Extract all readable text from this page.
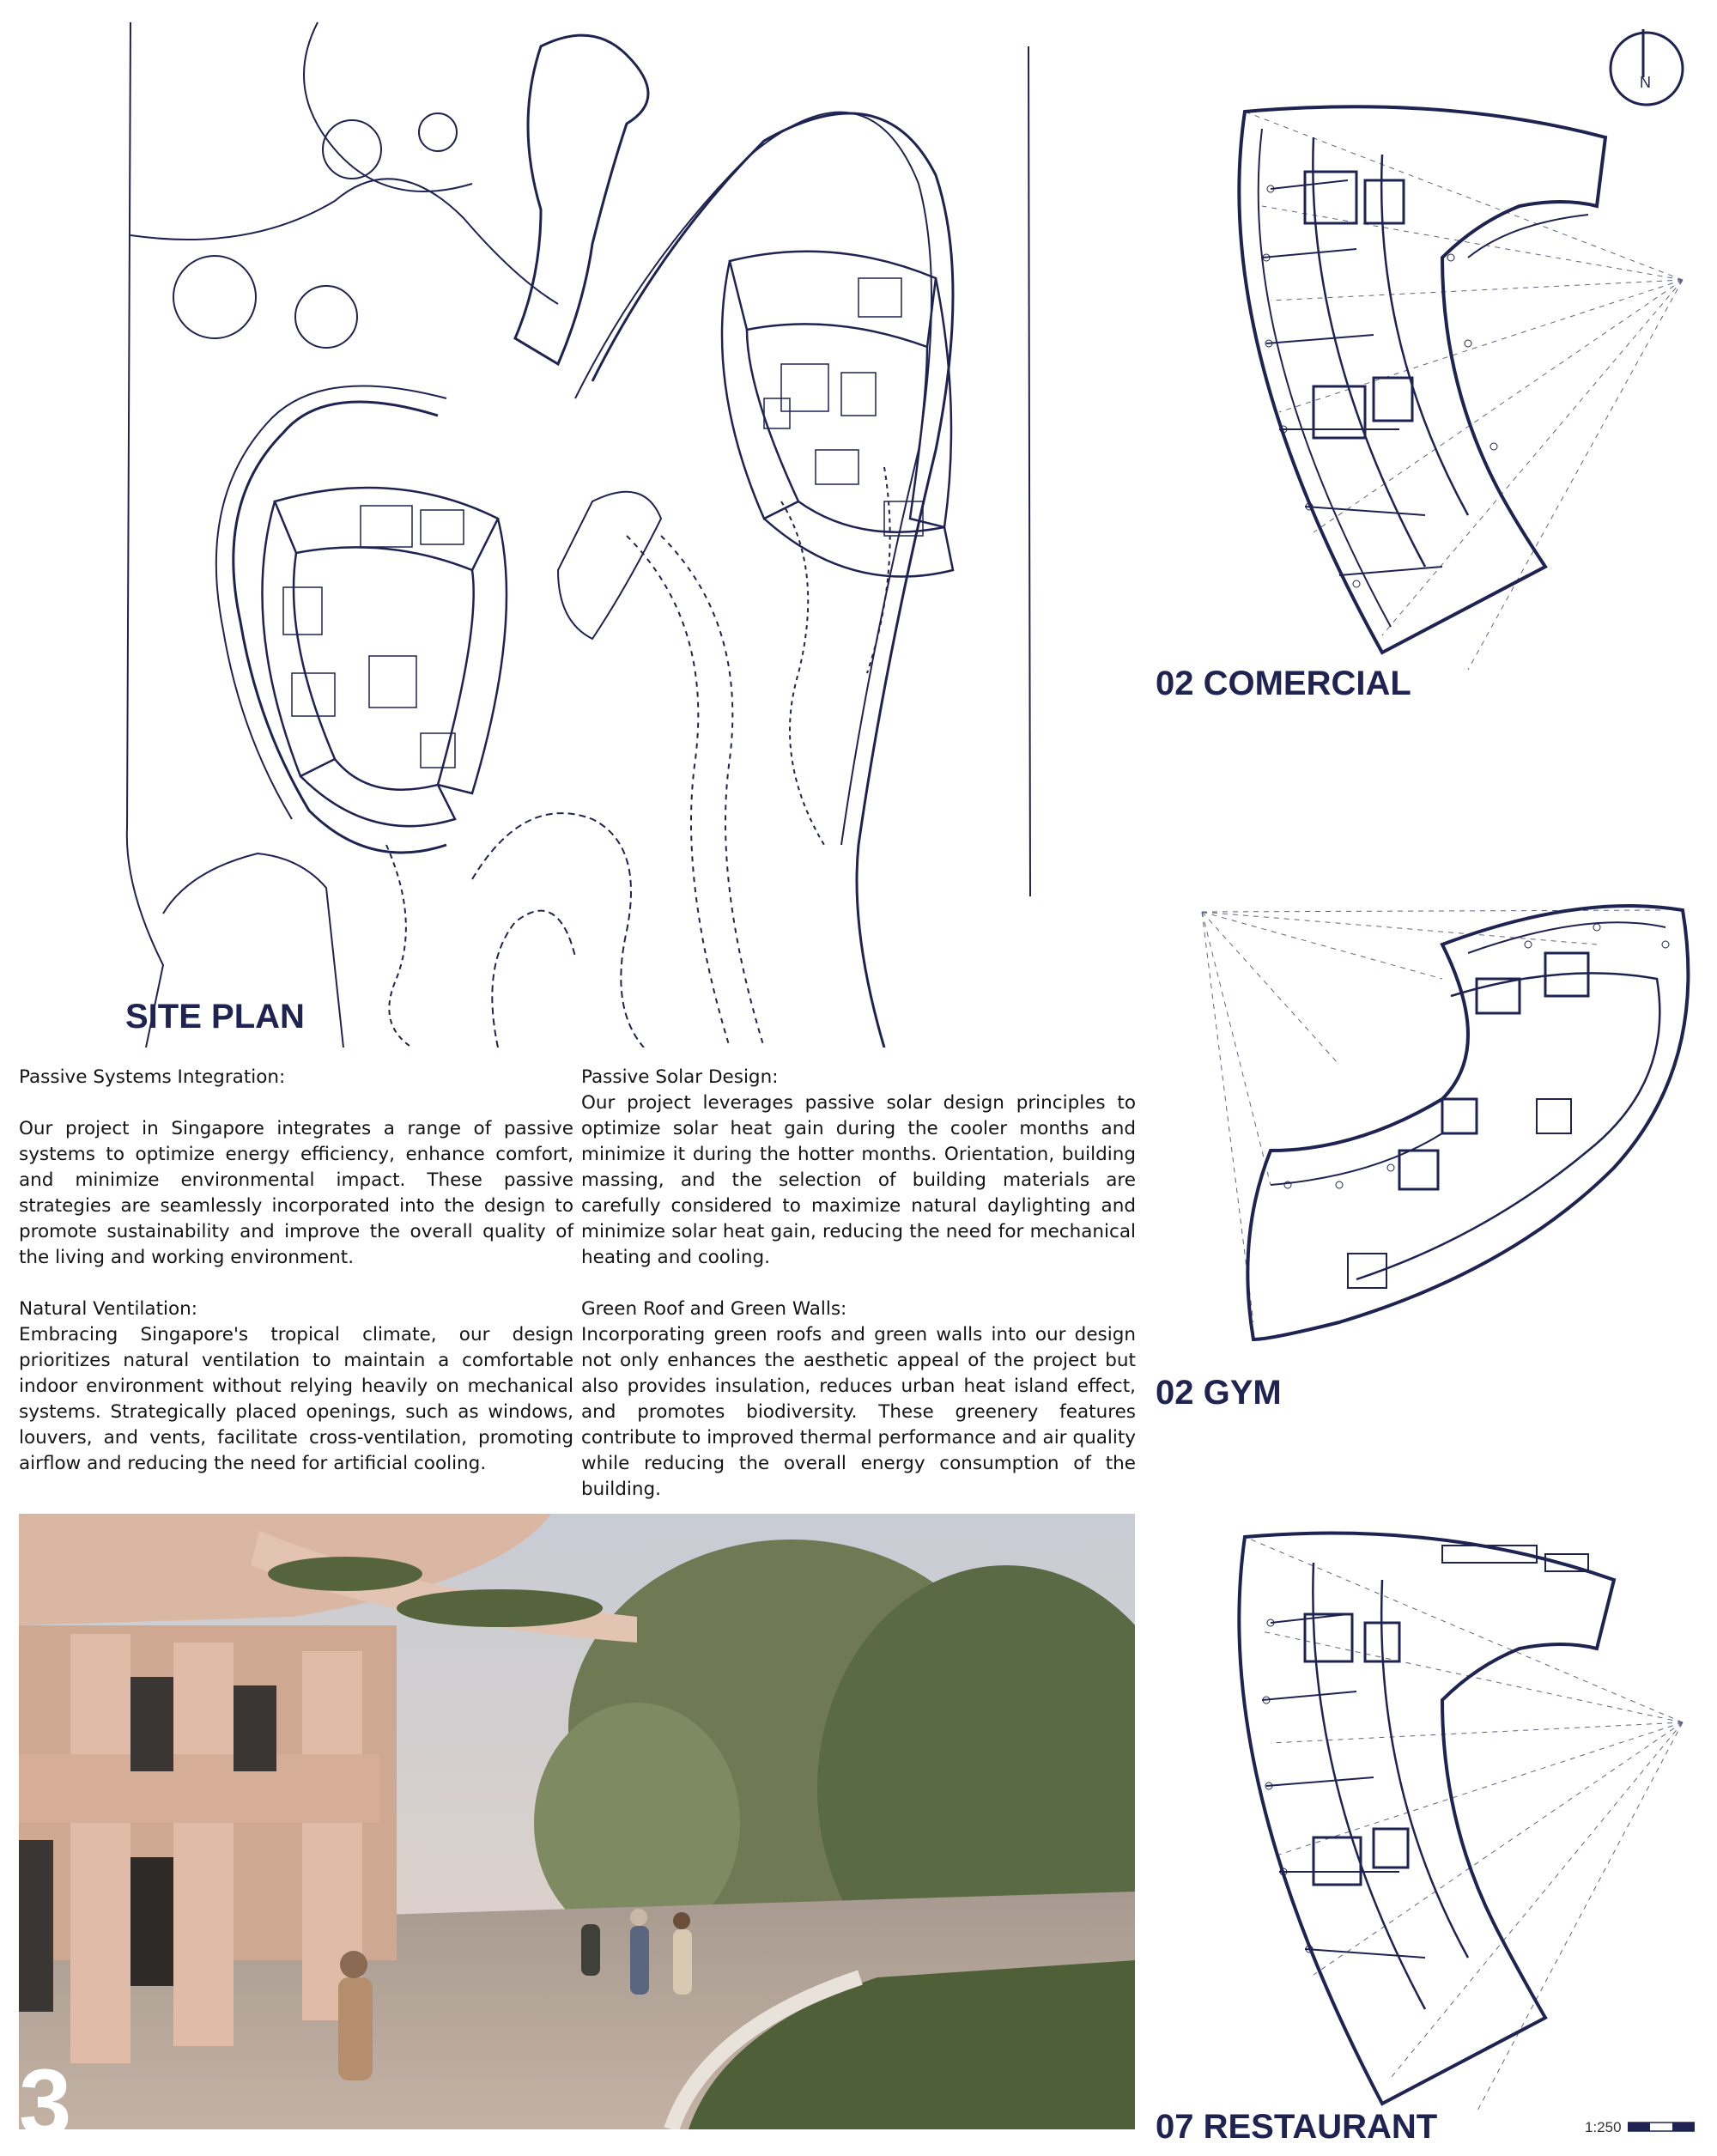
SITE PLAN
N
02 COMERCIAL
02 GYM
07 RESTAURANT	1:250

Passive Systems Integration:

Our project in Singapore integrates a range of passive systems to optimize energy efficiency, enhance comfort, and minimize environmental impact. These passive strategies are seamlessly incorporated into the design to promote sustainability and improve the overall quality of the living and working environment.

Natural Ventilation:
Embracing Singapore's tropical climate, our design prioritizes natural ventilation to maintain a comfortable indoor environment without relying heavily on mechanical systems. Strategically placed openings, such as windows, louvers, and vents, facilitate cross-ventilation, promoting airflow and reducing the need for artificial cooling.

Passive Solar Design:
Our project leverages passive solar design principles to optimize solar heat gain during the cooler months and minimize it during the hotter months. Orientation, building massing, and the selection of building materials are carefully considered to maximize natural daylighting and minimize solar heat gain, reducing the need for mechanical heating and cooling.

Green Roof and Green Walls:
Incorporating green roofs and green walls into our design not only enhances the aesthetic appeal of the project but also provides insulation, reduces urban heat island effect, and promotes biodiversity. These greenery features contribute to improved thermal performance and air quality while reducing the overall energy consumption of the building.

3
